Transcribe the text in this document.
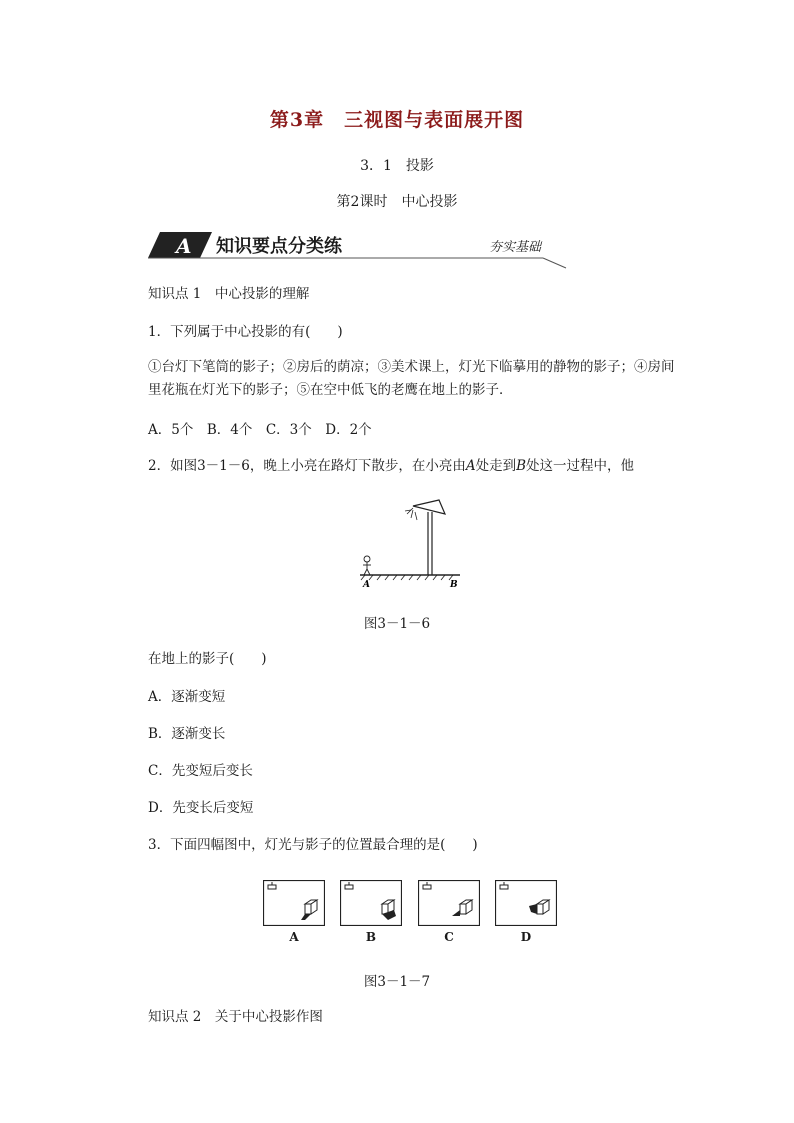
第3章　三视图与表面展开图
3．1　投影
第2课时　中心投影
A 知识要点分类练	夯实基础
知识点 1　中心投影的理解
1．下列属于中心投影的有(　　)
①台灯下笔筒的影子；②房后的荫凉；③美术课上，灯光下临摹用的静物的影子；④房间里花瓶在灯光下的影子；⑤在空中低飞的老鹰在地上的影子．
A．5个　B．4个　C．3个　D．2个
2．如图3－1－6，晚上小亮在路灯下散步，在小亮由A处走到B处这一过程中，他
A	B
图3－1－6
在地上的影子(　　)
A．逐渐变短
B．逐渐变长
C．先变短后变长
D．先变长后变短
3．下面四幅图中，灯光与影子的位置最合理的是(　　)
A	B	C	D
图3－1－7
知识点 2　关于中心投影作图
